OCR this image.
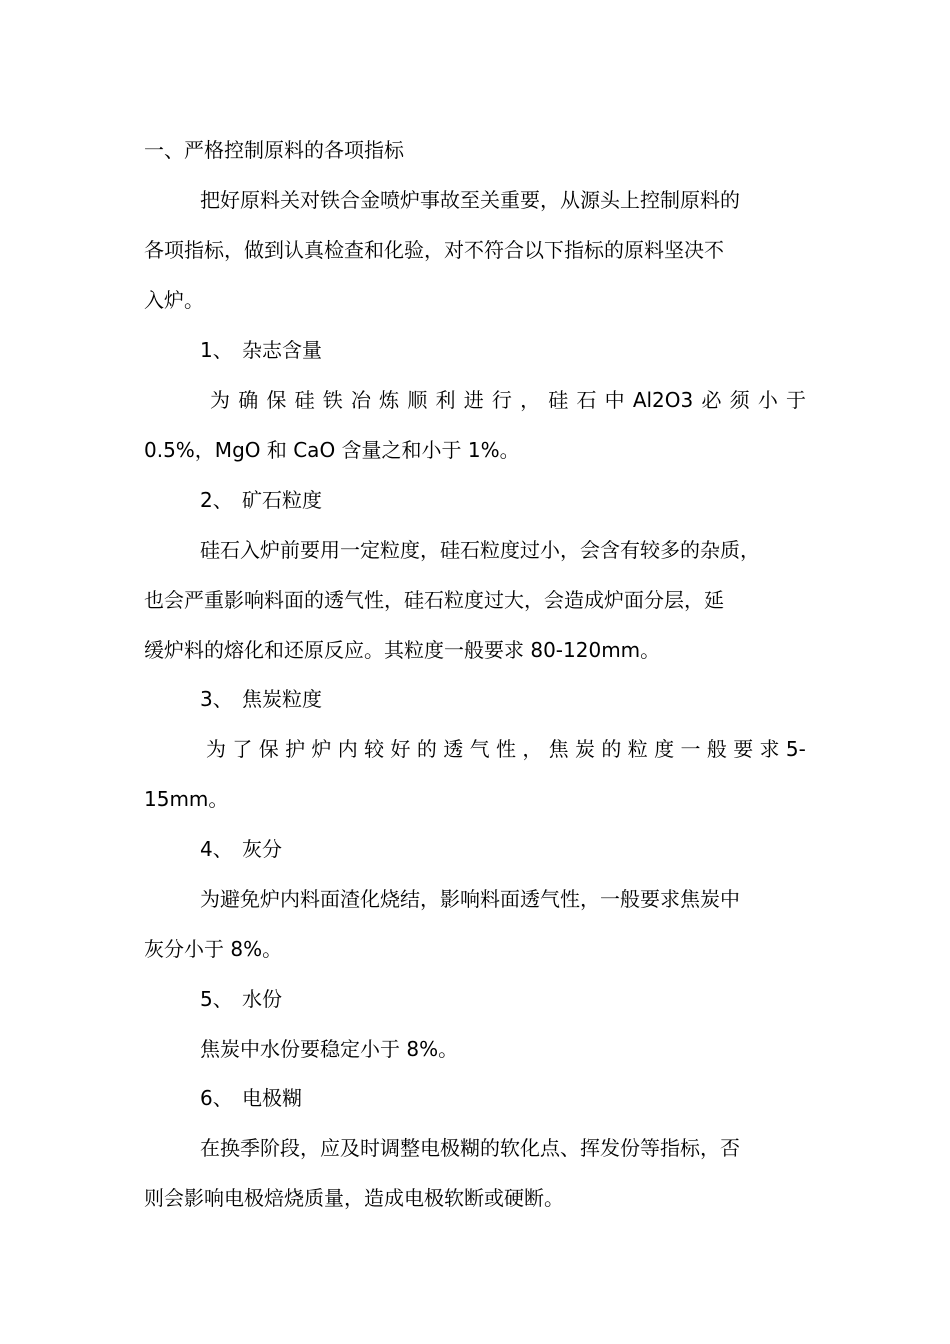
一、严格控制原料的各项指标
把好原料关对铁合金喷炉事故至关重要，从源头上控制原料的
各项指标，做到认真检查和化验，对不符合以下指标的原料坚决不
入炉。
1、 杂志含量
为 确 保 硅 铁 冶 炼 顺 利 进 行 ， 硅 石 中 Al2O3 必 须 小 于
0.5%，MgO 和 CaO 含量之和小于 1%。
2、 矿石粒度
硅石入炉前要用一定粒度，硅石粒度过小，会含有较多的杂质，
也会严重影响料面的透气性，硅石粒度过大，会造成炉面分层，延
缓炉料的熔化和还原反应。其粒度一般要求 80-120mm。
3、 焦炭粒度
为 了 保 护 炉 内 较 好 的 透 气 性 ， 焦 炭 的 粒 度 一 般 要 求 5-
15mm。
4、 灰分
为避免炉内料面渣化烧结，影响料面透气性，一般要求焦炭中
灰分小于 8%。
5、 水份
焦炭中水份要稳定小于 8%。
6、 电极糊
在换季阶段，应及时调整电极糊的软化点、挥发份等指标，否
则会影响电极焙烧质量，造成电极软断或硬断。
